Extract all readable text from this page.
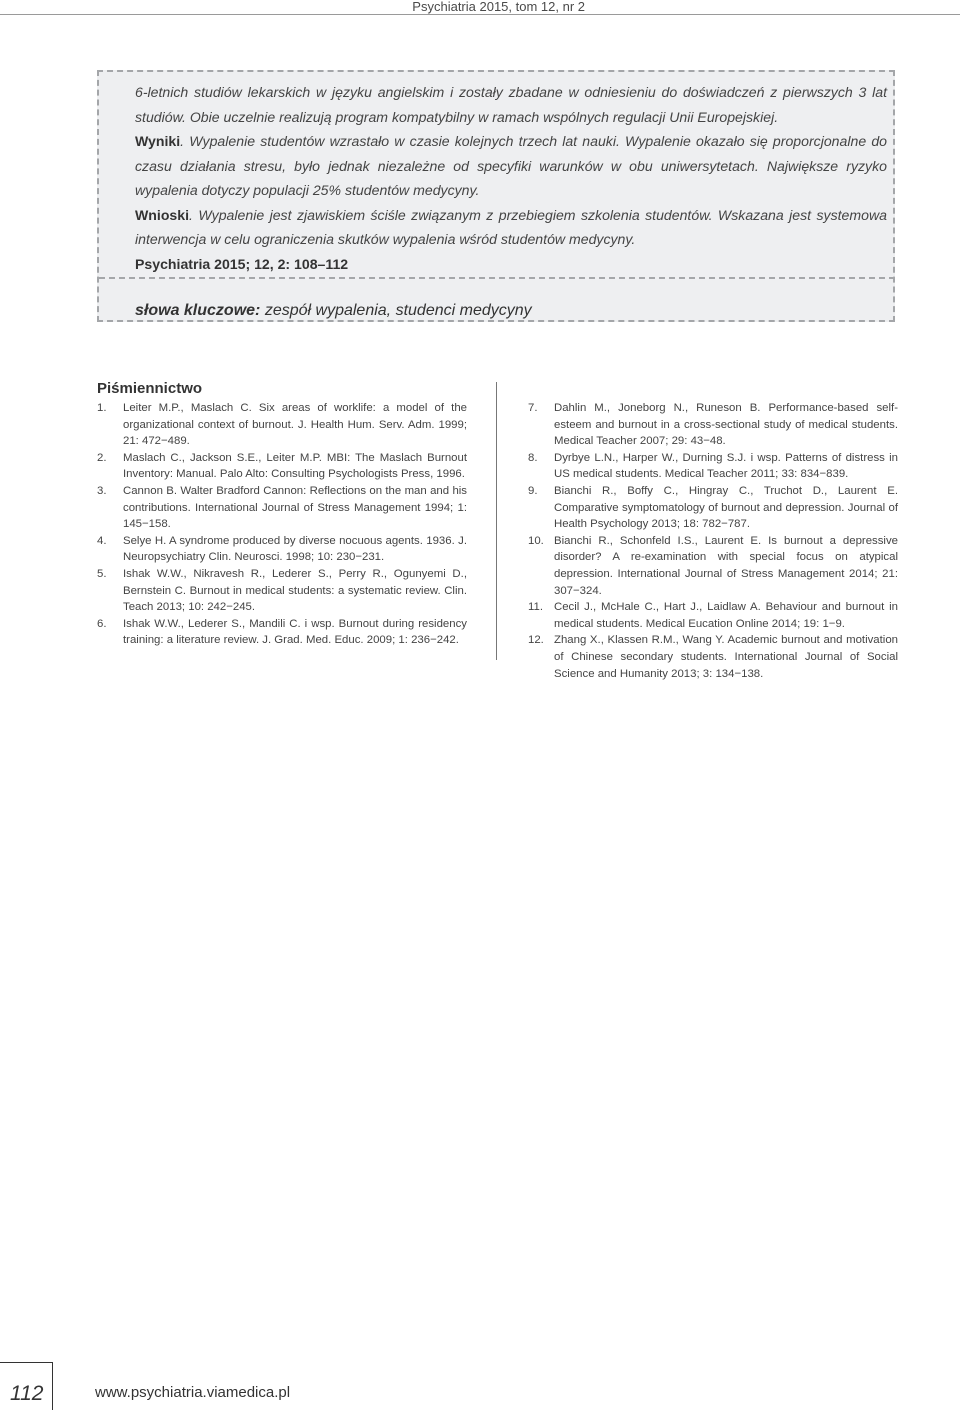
Psychiatria 2015, tom 12, nr 2

6-letnich studiów lekarskich w języku angielskim i zostały zbadane w odniesieniu do doświadczeń z pierwszych 3 lat studiów. Obie uczelnie realizują program kompatybilny w ramach wspólnych regulacji Unii Europejskiej.
Wyniki. Wypalenie studentów wzrastało w czasie kolejnych trzech lat nauki. Wypalenie okazało się proporcjonalne do czasu działania stresu, było jednak niezależne od specyfiki warunków w obu uniwersytetach. Największe ryzyko wypalenia dotyczy populacji 25% studentów medycyny.
Wnioski. Wypalenie jest zjawiskiem ściśle związanym z przebiegiem szkolenia studentów. Wskazana jest systemowa interwencja w celu ograniczenia skutków wypalenia wśród studentów medycyny.

Psychiatria 2015; 12, 2: 108–112

słowa kluczowe: zespół wypalenia, studenci medycyny
Piśmiennictwo

1.	Leiter M.P., Maslach C. Six areas of worklife: a model of the organizational context of burnout. J. Health Hum. Serv. Adm. 1999; 21: 472−489.

2.	Maslach C., Jackson S.E., Leiter M.P. MBI: The Maslach Burnout Inventory: Manual. Palo Alto: Consulting Psychologists Press, 1996.

3.	Cannon B. Walter Bradford Cannon: Reflections on the man and his contributions. International Journal of Stress Management 1994; 1: 145−158.

4.	Selye H. A syndrome produced by diverse nocuous agents. 1936. J. Neuropsychiatry Clin. Neurosci. 1998; 10: 230−231.

5.	Ishak W.W., Nikravesh R., Lederer S., Perry R., Ogunyemi D., Bernstein C. Burnout in medical students: a systematic review. Clin. Teach 2013; 10: 242−245.

6.	Ishak W.W., Lederer S., Mandili C. i wsp. Burnout during residency training: a literature review. J. Grad. Med. Educ. 2009; 1: 236−242.

7.	Dahlin M., Joneborg N., Runeson B. Performance-based self-esteem and burnout in a cross-sectional study of medical students. Medical Teacher 2007; 29: 43−48.

8.	Dyrbye L.N., Harper W., Durning S.J. i wsp. Patterns of distress in US medical students. Medical Teacher 2011; 33: 834−839.

9.	Bianchi R., Boffy C., Hingray C., Truchot D., Laurent E. Comparative symptomatology of burnout and depression. Journal of Health Psychology 2013; 18: 782−787.

10. Bianchi R., Schonfeld I.S., Laurent E. Is burnout a depressive disorder? A re-examination with special focus on atypical depression. International Journal of Stress Management 2014; 21: 307−324.

11. Cecil J., McHale C., Hart J., Laidlaw A. Behaviour and burnout in medical students. Medical Eucation Online 2014; 19: 1−9.

12. Zhang X., Klassen R.M., Wang Y. Academic burnout and motivation of Chinese secondary students. International Journal of Social Science and Humanity 2013; 3: 134−138.

112	www.psychiatria.viamedica.pl
